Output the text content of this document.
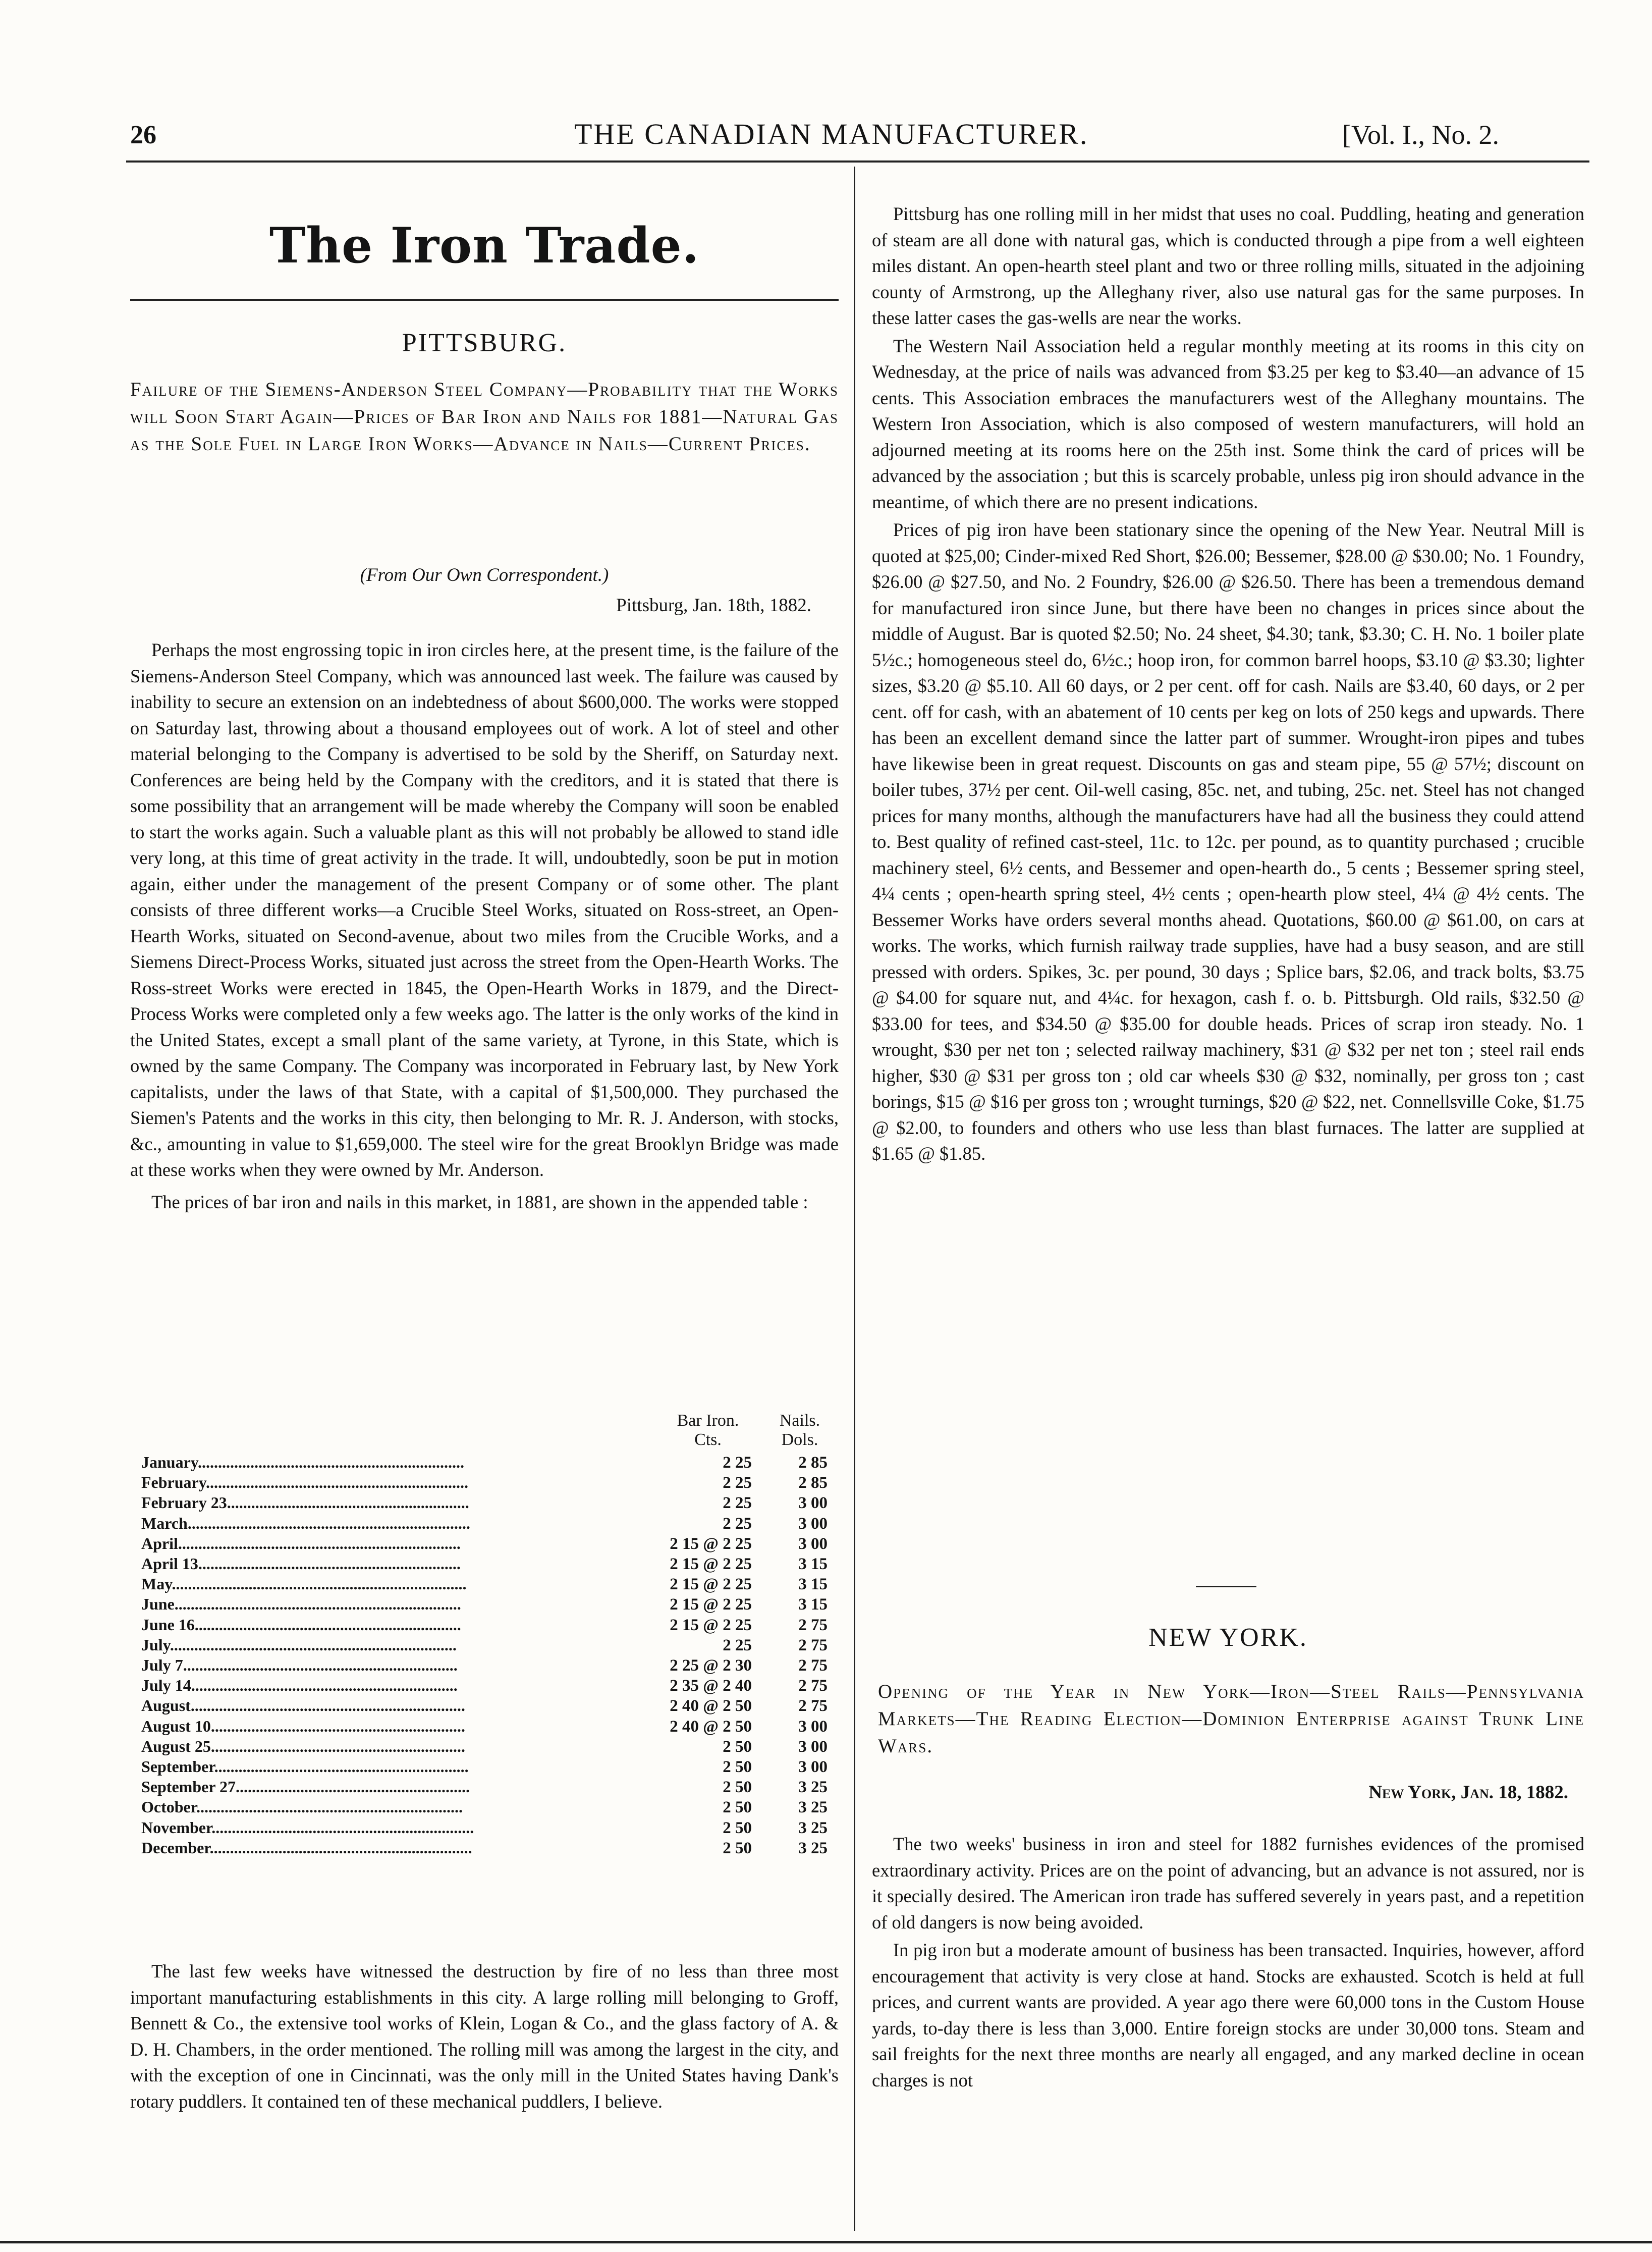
26	THE CANADIAN MANUFACTURER.	[Vol. I., No. 2.
The Iron Trade.
PITTSBURG.
Failure of the Siemens-Anderson Steel Company—Probability that the Works will Soon Start Again—Prices of Bar Iron and Nails for 1881—Natural Gas as the Sole Fuel in Large Iron Works—Advance in Nails—Current Prices.
(From Our Own Correspondent.)
Pittsburg, Jan. 18th, 1882.

Perhaps the most engrossing topic in iron circles here, at the present time, is the failure of the Siemens-Anderson Steel Company, which was announced last week. The failure was caused by inability to secure an extension on an indebtedness of about $600,000. The works were stopped on Saturday last, throwing about a thousand employees out of work. A lot of steel and other material belonging to the Company is advertised to be sold by the Sheriff, on Saturday next. Conferences are being held by the Company with the creditors, and it is stated that there is some possibility that an arrangement will be made whereby the Company will soon be enabled to start the works again. Such a valuable plant as this will not probably be allowed to stand idle very long, at this time of great activity in the trade. It will, undoubtedly, soon be put in motion again, either under the management of the present Company or of some other. The plant consists of three different works—a Crucible Steel Works, situated on Ross-street, an Open-Hearth Works, situated on Second-avenue, about two miles from the Crucible Works, and a Siemens Direct-Process Works, situated just across the street from the Open-Hearth Works. The Ross-street Works were erected in 1845, the Open-Hearth Works in 1879, and the Direct-Process Works were completed only a few weeks ago. The latter is the only works of the kind in the United States, except a small plant of the same variety, at Tyrone, in this State, which is owned by the same Company. The Company was incorporated in February last, by New York capitalists, under the laws of that State, with a capital of $1,500,000. They purchased the Siemen's Patents and the works in this city, then belonging to Mr. R. J. Anderson, with stocks, &c., amounting in value to $1,659,000. The steel wire for the great Brooklyn Bridge was made at these works when they were owned by Mr. Anderson.

The prices of bar iron and nails in this market, in 1881, are shown in the appended table :

Bar Iron. Cts.
Nails. Dols.
January..................................................................	2 25	2 85
February.................................................................	2 25	2 85
February 23............................................................	2 25	3 00
March......................................................................	2 25	3 00
April......................................................................	2 15 @ 2 25	3 00
April 13.................................................................	2 15 @ 2 25	3 15
May.........................................................................	2 15 @ 2 25	3 15
June.......................................................................	2 15 @ 2 25	3 15
June 16..................................................................	2 15 @ 2 25	2 75
July.......................................................................	2 25	2 75
July 7....................................................................	2 25 @ 2 30	2 75
July 14..................................................................	2 35 @ 2 40	2 75
August....................................................................	2 40 @ 2 50	2 75
August 10...............................................................	2 40 @ 2 50	3 00
August 25...............................................................	2 50	3 00
September...............................................................	2 50	3 00
September 27..........................................................	2 50	3 25
October..................................................................	2 50	3 25
November.................................................................	2 50	3 25
December.................................................................	2 50	3 25

The last few weeks have witnessed the destruction by fire of no less than three most important manufacturing establishments in this city. A large rolling mill belonging to Groff, Bennett & Co., the extensive tool works of Klein, Logan & Co., and the glass factory of A. & D. H. Chambers, in the order mentioned. The rolling mill was among the largest in the city, and with the exception of one in Cincinnati, was the only mill in the United States having Dank's rotary puddlers. It contained ten of these mechanical puddlers, I believe.

Pittsburg has one rolling mill in her midst that uses no coal. Puddling, heating and generation of steam are all done with natural gas, which is conducted through a pipe from a well eighteen miles distant. An open-hearth steel plant and two or three rolling mills, situated in the adjoining county of Armstrong, up the Alleghany river, also use natural gas for the same purposes. In these latter cases the gas-wells are near the works.

The Western Nail Association held a regular monthly meeting at its rooms in this city on Wednesday, at the price of nails was advanced from $3.25 per keg to $3.40—an advance of 15 cents. This Association embraces the manufacturers west of the Alleghany mountains. The Western Iron Association, which is also composed of western manufacturers, will hold an adjourned meeting at its rooms here on the 25th inst. Some think the card of prices will be advanced by the association ; but this is scarcely probable, unless pig iron should advance in the meantime, of which there are no present indications.

Prices of pig iron have been stationary since the opening of the New Year. Neutral Mill is quoted at $25,00; Cinder-mixed Red Short, $26.00; Bessemer, $28.00 @ $30.00; No. 1 Foundry, $26.00 @ $27.50, and No. 2 Foundry, $26.00 @ $26.50. There has been a tremendous demand for manufactured iron since June, but there have been no changes in prices since about the middle of August. Bar is quoted $2.50; No. 24 sheet, $4.30; tank, $3.30; C. H. No. 1 boiler plate 5½c.; homogeneous steel do, 6½c.; hoop iron, for common barrel hoops, $3.10 @ $3.30; lighter sizes, $3.20 @ $5.10. All 60 days, or 2 per cent. off for cash. Nails are $3.40, 60 days, or 2 per cent. off for cash, with an abatement of 10 cents per keg on lots of 250 kegs and upwards. There has been an excellent demand since the latter part of summer. Wrought-iron pipes and tubes have likewise been in great request. Discounts on gas and steam pipe, 55 @ 57½; discount on boiler tubes, 37½ per cent. Oil-well casing, 85c. net, and tubing, 25c. net. Steel has not changed prices for many months, although the manufacturers have had all the business they could attend to. Best quality of refined cast-steel, 11c. to 12c. per pound, as to quantity purchased ; crucible machinery steel, 6½ cents, and Bessemer and open-hearth do., 5 cents ; Bessemer spring steel, 4¼ cents ; open-hearth spring steel, 4½ cents ; open-hearth plow steel, 4¼ @ 4½ cents. The Bessemer Works have orders several months ahead. Quotations, $60.00 @ $61.00, on cars at works. The works, which furnish railway trade supplies, have had a busy season, and are still pressed with orders. Spikes, 3c. per pound, 30 days ; Splice bars, $2.06, and track bolts, $3.75 @ $4.00 for square nut, and 4¼c. for hexagon, cash f. o. b. Pittsburgh. Old rails, $32.50 @ $33.00 for tees, and $34.50 @ $35.00 for double heads. Prices of scrap iron steady. No. 1 wrought, $30 per net ton ; selected railway machinery, $31 @ $32 per net ton ; steel rail ends higher, $30 @ $31 per gross ton ; old car wheels $30 @ $32, nominally, per gross ton ; cast borings, $15 @ $16 per gross ton ; wrought turnings, $20 @ $22, net. Connellsville Coke, $1.75 @ $2.00, to founders and others who use less than blast furnaces. The latter are supplied at $1.65 @ $1.85.

NEW YORK.
Opening of the Year in New York—Iron—Steel Rails—Pennsylvania Markets—The Reading Election—Dominion Enterprise against Trunk Line Wars.
New York, Jan. 18, 1882.

The two weeks' business in iron and steel for 1882 furnishes evidences of the promised extraordinary activity. Prices are on the point of advancing, but an advance is not assured, nor is it specially desired. The American iron trade has suffered severely in years past, and a repetition of old dangers is now being avoided.

In pig iron but a moderate amount of business has been transacted. Inquiries, however, afford encouragement that activity is very close at hand. Stocks are exhausted. Scotch is held at full prices, and current wants are provided. A year ago there were 60,000 tons in the Custom House yards, to-day there is less than 3,000. Entire foreign stocks are under 30,000 tons. Steam and sail freights for the next three months are nearly all engaged, and any marked decline in ocean charges is not
